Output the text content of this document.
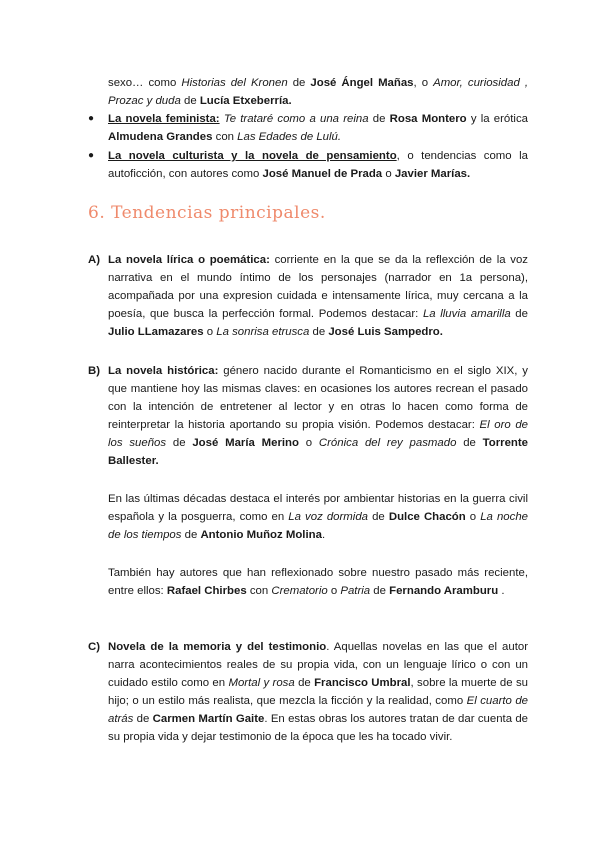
sexo… como Historias del Kronen de José Ángel Mañas, o Amor, curiosidad , Prozac y duda de Lucía Etxeberría.
●	La novela feminista: Te trataré como a una reina de Rosa Montero y la erótica Almudena Grandes con Las Edades de Lulú.
●	La novela culturista y la novela de pensamiento, o tendencias como la autoficción, con autores como José Manuel de Prada o Javier Marías.
6. Tendencias principales.
A) La novela lírica o poemática: corriente en la que se da la reflexción de la voz narrativa en el mundo íntimo de los personajes (narrador en 1a persona), acompañada por una expresion cuidada e intensamente lírica, muy cercana a la poesía, que busca la perfección formal. Podemos destacar: La lluvia amarilla de Julio LLamazares o La sonrisa etrusca de José Luis Sampedro.
B) La novela histórica: género nacido durante el Romanticismo en el siglo XIX, y que mantiene hoy las mismas claves: en ocasiones los autores recrean el pasado con la intención de entretener al lector y en otras lo hacen como forma de reinterpretar la historia aportando su propia visión. Podemos destacar: El oro de los sueños de José María Merino o Crónica del rey pasmado de Torrente Ballester.
En las últimas décadas destaca el interés por ambientar historias en la guerra civil española y la posguerra, como en La voz dormida de Dulce Chacón o La noche de los tiempos de Antonio Muñoz Molina.
También hay autores que han reflexionado sobre nuestro pasado más reciente, entre ellos: Rafael Chirbes con Crematorio o Patria de Fernando Aramburu .
C) Novela de la memoria y del testimonio. Aquellas novelas en las que el autor narra acontecimientos reales de su propia vida, con un lenguaje lírico o con un cuidado estilo como en Mortal y rosa de Francisco Umbral, sobre la muerte de su hijo; o un estilo más realista, que mezcla la ficción y la realidad, como El cuarto de atrás de Carmen Martín Gaite. En estas obras los autores tratan de dar cuenta de su propia vida y dejar testimonio de la época que les ha tocado vivir.
